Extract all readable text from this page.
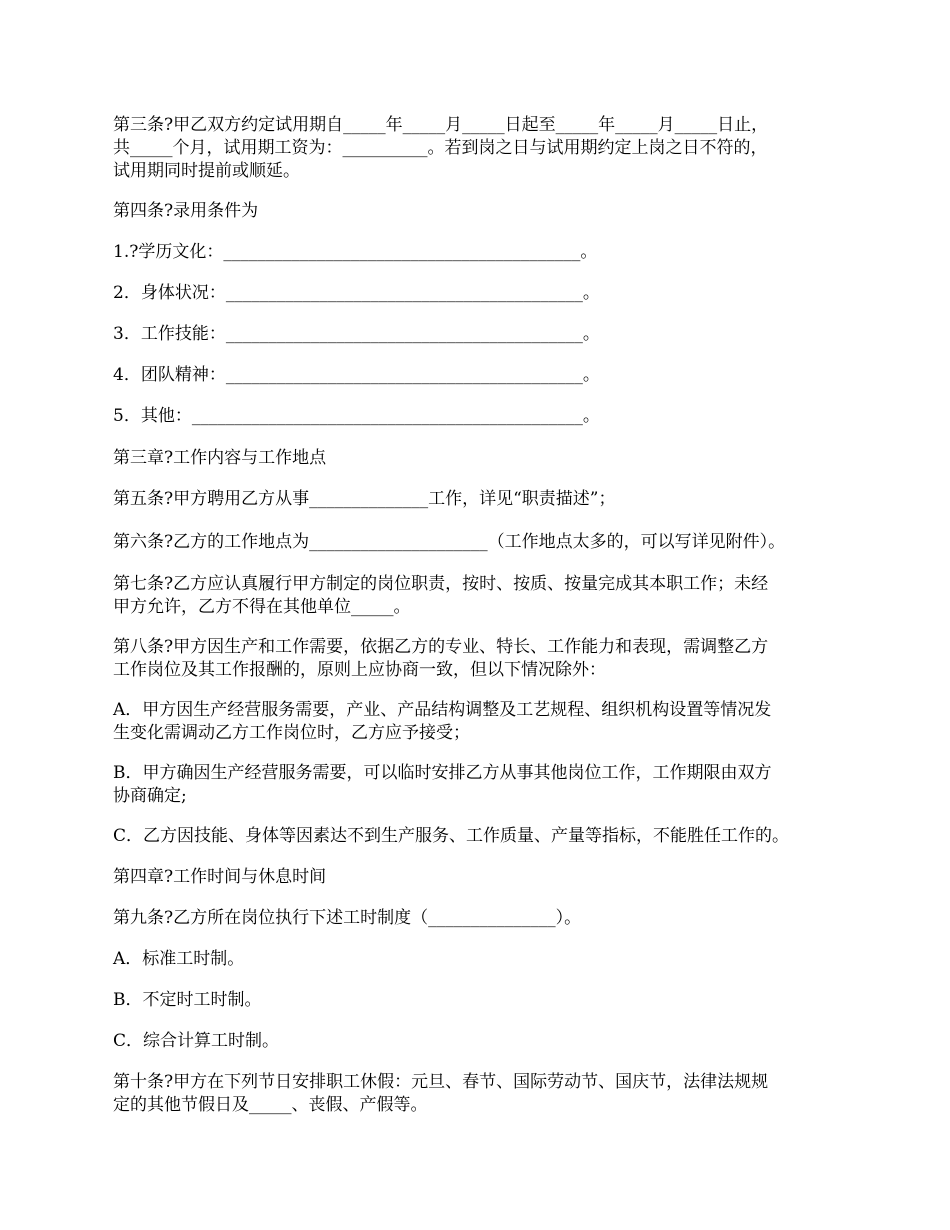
第三条?甲乙双方约定试用期自_____年_____月_____日起至_____年_____月_____日止，
共_____个月，试用期工资为：__________。若到岗之日与试用期约定上岗之日不符的，
试用期同时提前或顺延。
第四条?录用条件为
1.?学历文化：__________________________________________。
2．身体状况：__________________________________________。
3．工作技能：__________________________________________。
4．团队精神：__________________________________________。
5．其他：______________________________________________。
第三章?工作内容与工作地点
第五条?甲方聘用乙方从事______________工作，详见“职责描述”；
第六条?乙方的工作地点为_____________________（工作地点太多的，可以写详见附件）。
第七条?乙方应认真履行甲方制定的岗位职责，按时、按质、按量完成其本职工作；未经
甲方允许，乙方不得在其他单位_____。
第八条?甲方因生产和工作需要，依据乙方的专业、特长、工作能力和表现，需调整乙方
工作岗位及其工作报酬的，原则上应协商一致，但以下情况除外：
A．甲方因生产经营服务需要，产业、产品结构调整及工艺规程、组织机构设置等情况发
生变化需调动乙方工作岗位时，乙方应予接受；
B．甲方确因生产经营服务需要，可以临时安排乙方从事其他岗位工作，工作期限由双方
协商确定;
C．乙方因技能、身体等因素达不到生产服务、工作质量、产量等指标，不能胜任工作的。
第四章?工作时间与休息时间
第九条?乙方所在岗位执行下述工时制度（_______________）。
A．标准工时制。
B．不定时工时制。
C．综合计算工时制。
第十条?甲方在下列节日安排职工休假：元旦、春节、国际劳动节、国庆节，法律法规规
定的其他节假日及_____、丧假、产假等。
